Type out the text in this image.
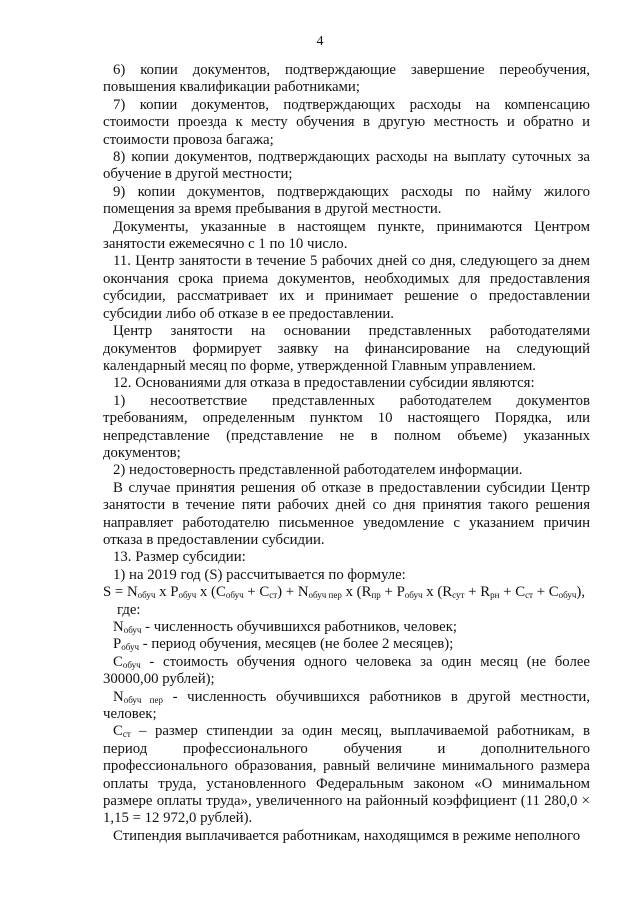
4

6) копии документов, подтверждающие завершение переобучения, повышения квалификации работниками;

7) копии документов, подтверждающих расходы на компенсацию стоимости проезда к месту обучения в другую местность и обратно и стоимости провоза багажа;

8) копии документов, подтверждающих расходы на выплату суточных за обучение в другой местности;

9) копии документов, подтверждающих расходы по найму жилого помещения за время пребывания в другой местности.

Документы, указанные в настоящем пункте, принимаются Центром занятости ежемесячно с 1 по 10 число.

11. Центр занятости в течение 5 рабочих дней со дня, следующего за днем окончания срока приема документов, необходимых для предоставления субсидии, рассматривает их и принимает решение о предоставлении субсидии либо об отказе в ее предоставлении.

Центр занятости на основании представленных работодателями документов формирует заявку на финансирование на следующий календарный месяц по форме, утвержденной Главным управлением.

12. Основаниями для отказа в предоставлении субсидии являются:

1) несоответствие представленных работодателем документов требованиям, определенным пунктом 10 настоящего Порядка, или непредставление (представление не в полном объеме) указанных документов;

2) недостоверность представленной работодателем информации.

В случае принятия решения об отказе в предоставлении субсидии Центр занятости в течение пяти рабочих дней со дня принятия такого решения направляет работодателю письменное уведомление с указанием причин отказа в предоставлении субсидии.

13. Размер субсидии:

1) на 2019 год (S) рассчитывается по формуле:

$S = N_{обуч}$ x $P_{обуч}$ x $(C_{обуч} + C_{ст}) + N_{обуч пер}$ x ($R_{пр} + P_{обуч}$ x $(R_{сут} + R_{рн} + C_{ст} + C_{обуч})$,

где:

$N_{обуч}$ - численность обучившихся работников, человек;

$P_{обуч}$ - период обучения, месяцев (не более 2 месяцев);

$C_{обуч}$ - стоимость обучения одного человека за один месяц (не более 30000,00 рублей);

$N_{обуч пер}$ - численность обучившихся работников в другой местности, человек;

$C_{ст}$ – размер стипендии за один месяц, выплачиваемой работникам, в период профессионального обучения и дополнительного профессионального образования, равный величине минимального размера оплаты труда, установленного Федеральным законом «О минимальном размере оплаты труда», увеличенного на районный коэффициент (11 280,0 × 1,15 = 12 972,0 рублей).

Стипендия выплачивается работникам, находящимся в режиме неполного
